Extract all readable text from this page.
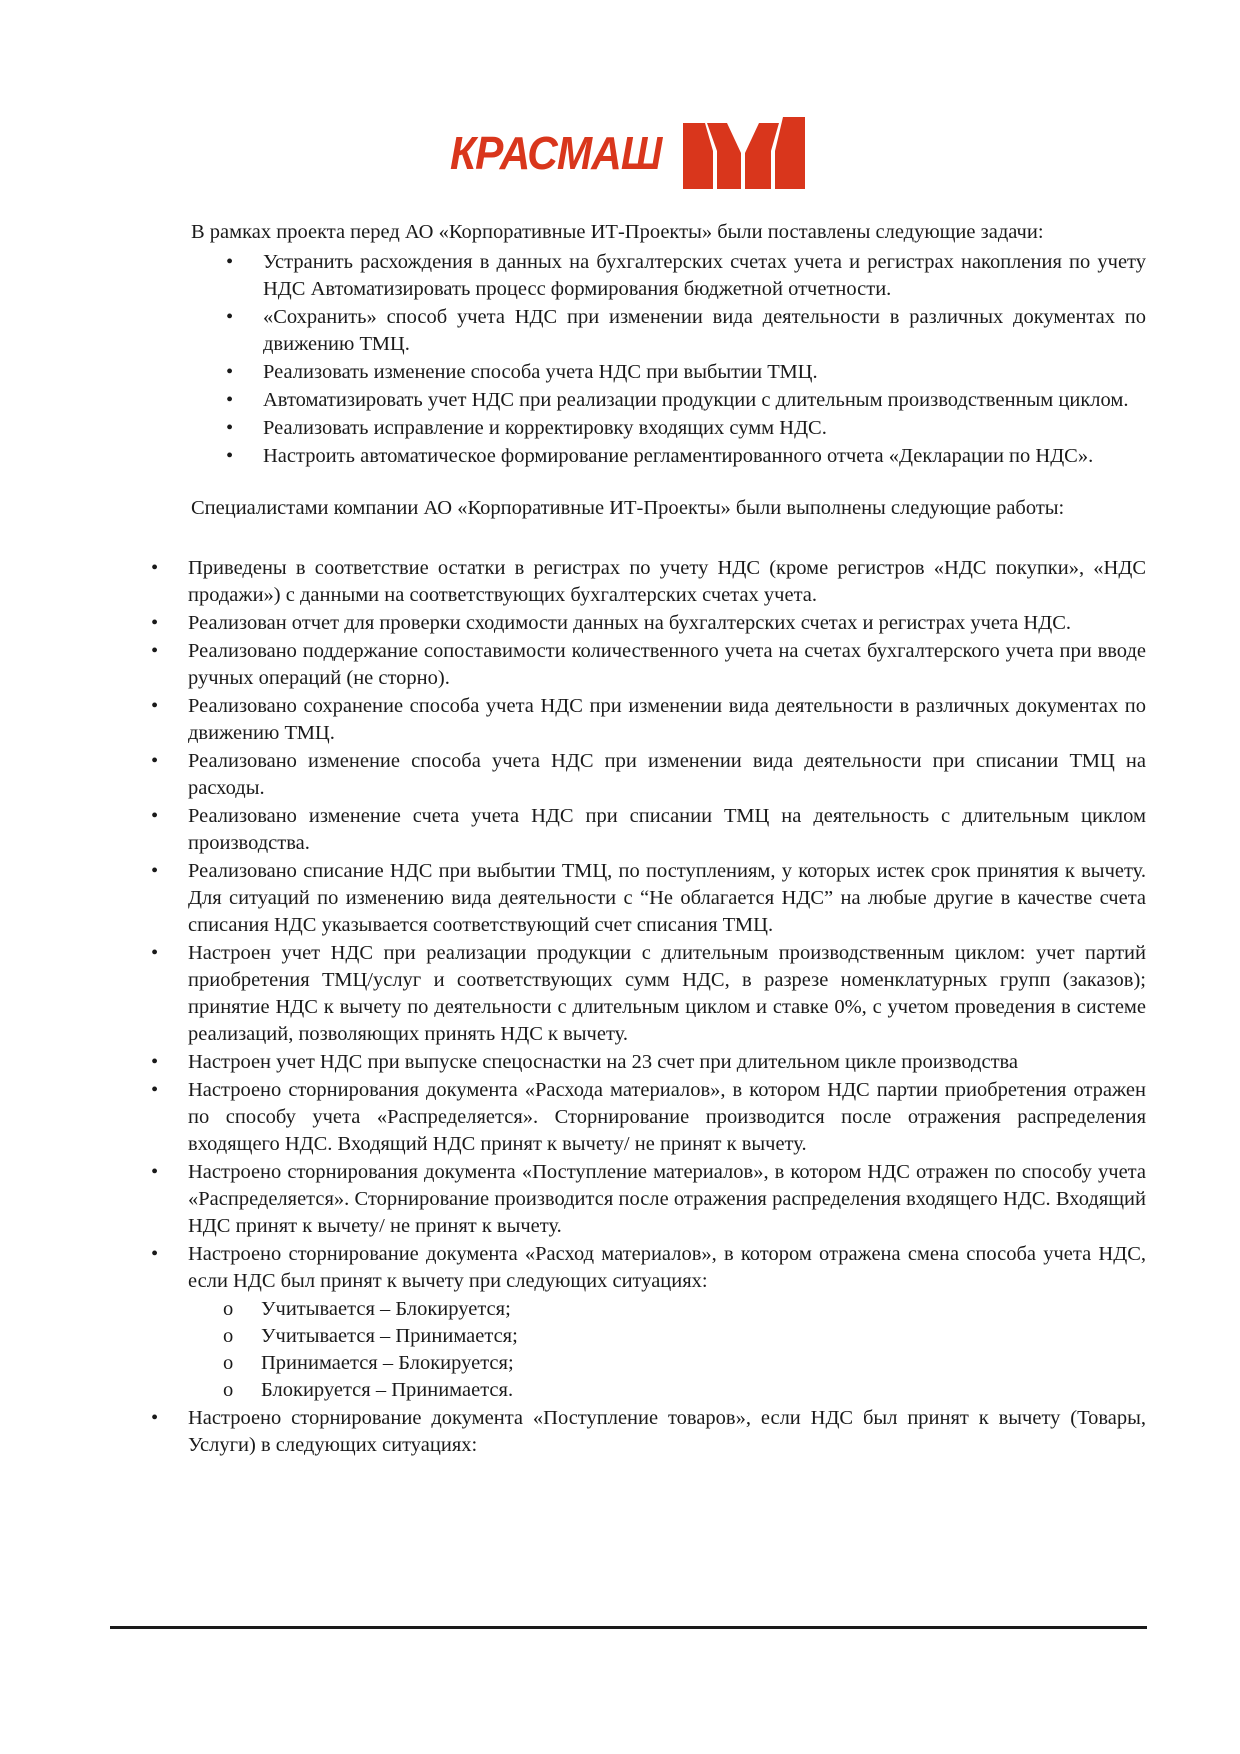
КРАСМАШ

В рамках проекта перед АО «Корпоративные ИТ-Проекты» были поставлены следующие задачи:

• Устранить расхождения в данных на бухгалтерских счетах учета и регистрах накопления по учету НДС Автоматизировать процесс формирования бюджетной отчетности.
• «Сохранить» способ учета НДС при изменении вида деятельности в различных документах по движению ТМЦ.
• Реализовать изменение способа учета НДС при выбытии ТМЦ.
• Автоматизировать учет НДС при реализации продукции с длительным производственным циклом.
• Реализовать исправление и корректировку входящих сумм НДС.
• Настроить автоматическое формирование регламентированного отчета «Декларации по НДС».

Специалистами компании АО «Корпоративные ИТ-Проекты» были выполнены следующие работы:

• Приведены в соответствие остатки в регистрах по учету НДС (кроме регистров «НДС покупки», «НДС продажи») с данными на соответствующих бухгалтерских счетах учета.
• Реализован отчет для проверки сходимости данных на бухгалтерских счетах и регистрах учета НДС.
• Реализовано поддержание сопоставимости количественного учета на счетах бухгалтерского учета при вводе ручных операций (не сторно).
• Реализовано сохранение способа учета НДС при изменении вида деятельности в различных документах по движению ТМЦ.
• Реализовано изменение способа учета НДС при изменении вида деятельности при списании ТМЦ на расходы.
• Реализовано изменение счета учета НДС при списании ТМЦ на деятельность с длительным циклом производства.
• Реализовано списание НДС при выбытии ТМЦ, по поступлениям, у которых истек срок принятия к вычету. Для ситуаций по изменению вида деятельности с “Не облагается НДС” на любые другие в качестве счета списания НДС указывается соответствующий счет списания ТМЦ.
• Настроен учет НДС при реализации продукции с длительным производственным циклом: учет партий приобретения ТМЦ/услуг и соответствующих сумм НДС, в разрезе номенклатурных групп (заказов); принятие НДС к вычету по деятельности с длительным циклом и ставке 0%, с учетом проведения в системе реализаций, позволяющих принять НДС к вычету.
• Настроен учет НДС при выпуске спецоснастки на 23 счет при длительном цикле производства
• Настроено сторнирования документа «Расхода материалов», в котором НДС партии приобретения отражен по способу учета «Распределяется». Сторнирование производится после отражения распределения входящего НДС. Входящий НДС принят к вычету/ не принят к вычету.
• Настроено сторнирования документа «Поступление материалов», в котором НДС отражен по способу учета «Распределяется». Сторнирование производится после отражения распределения входящего НДС. Входящий НДС принят к вычету/ не принят к вычету.
• Настроено сторнирование документа «Расход материалов», в котором отражена смена способа учета НДС, если НДС был принят к вычету при следующих ситуациях:
o Учитывается – Блокируется;
o Учитывается – Принимается;
o Принимается – Блокируется;
o Блокируется – Принимается.
• Настроено сторнирование документа «Поступление товаров», если НДС был принят к вычету (Товары, Услуги) в следующих ситуациях:
